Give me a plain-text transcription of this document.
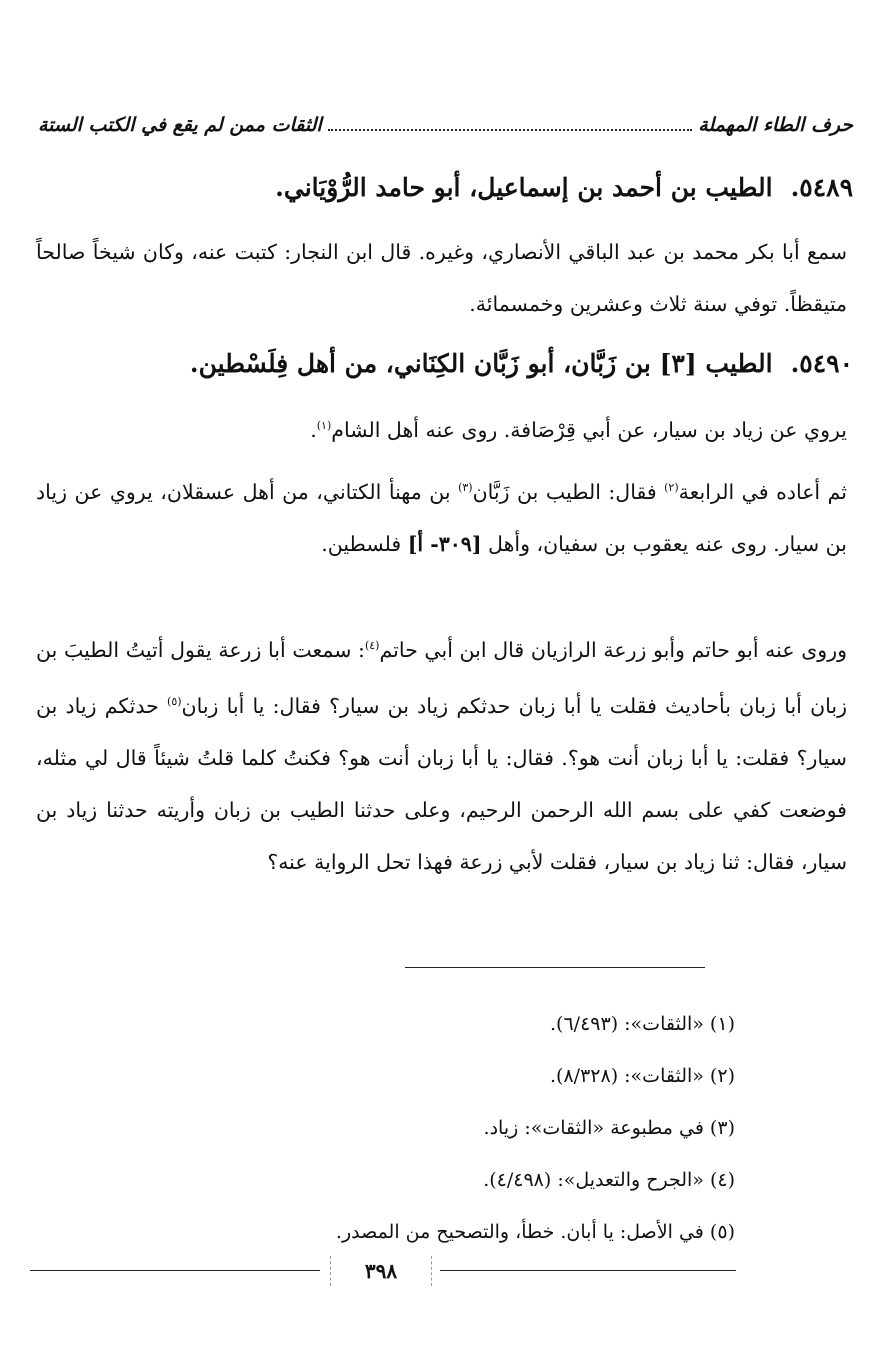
حرف الطاء المهملة
الثقات ممن لم يقع في الكتب الستة
٥٤٨٩.الطيب بن أحمد بن إسماعيل، أبو حامد الرُّوْيَاني.

سمع أبا بكر محمد بن عبد الباقي الأنصاري، وغيره. قال ابن النجار: كتبت عنه، وكان شيخاً صالحاً متيقظاً. توفي سنة ثلاث وعشرين وخمسمائة.

٥٤٩٠.الطيب [٣] بن زَبَّان، أبو زَبَّان الكِنَاني، من أهل فِلَسْطين.

يروي عن زياد بن سيار، عن أبي قِرْصَافة. روى عنه أهل الشام$^{(١)}$.

ثم أعاده في الرابعة$^{(٢)}$ فقال: الطيب بن زَبَّان$^{(٣)}$ بن مهنأ الكتاني، من أهل عسقلان، يروي عن زياد بن سيار. روى عنه يعقوب بن سفيان، وأهل [٣٠٩- أ] فلسطين.

وروى عنه أبو حاتم وأبو زرعة الرازيان قال ابن أبي حاتم$^{(٤)}$: سمعت أبا زرعة يقول أتيتُ الطيبَ بن زبان أبا زبان بأحاديث فقلت يا أبا زبان حدثكم زياد بن سيار؟ فقال: يا أبا زبان$^{(٥)}$ حدثكم زياد بن سيار؟ فقلت: يا أبا زبان أنت هو؟. فقال: يا أبا زبان أنت هو؟ فكنتُ كلما قلتُ شيئاً قال لي مثله، فوضعت كفي على بسم الله الرحمن الرحيم، وعلى حدثنا الطيب بن زبان وأريته حدثنا زياد بن سيار، فقال: ثنا زياد بن سيار، فقلت لأبي زرعة فهذا تحل الرواية عنه؟

(١) «الثقات»: (٦/٤٩٣).
(٢) «الثقات»: (٨/٣٢٨).
(٣) في مطبوعة «الثقات»: زياد.
(٤) «الجرح والتعديل»: (٤/٤٩٨).
(٥) في الأصل: يا أبان. خطأ، والتصحيح من المصدر.
٣٩٨
